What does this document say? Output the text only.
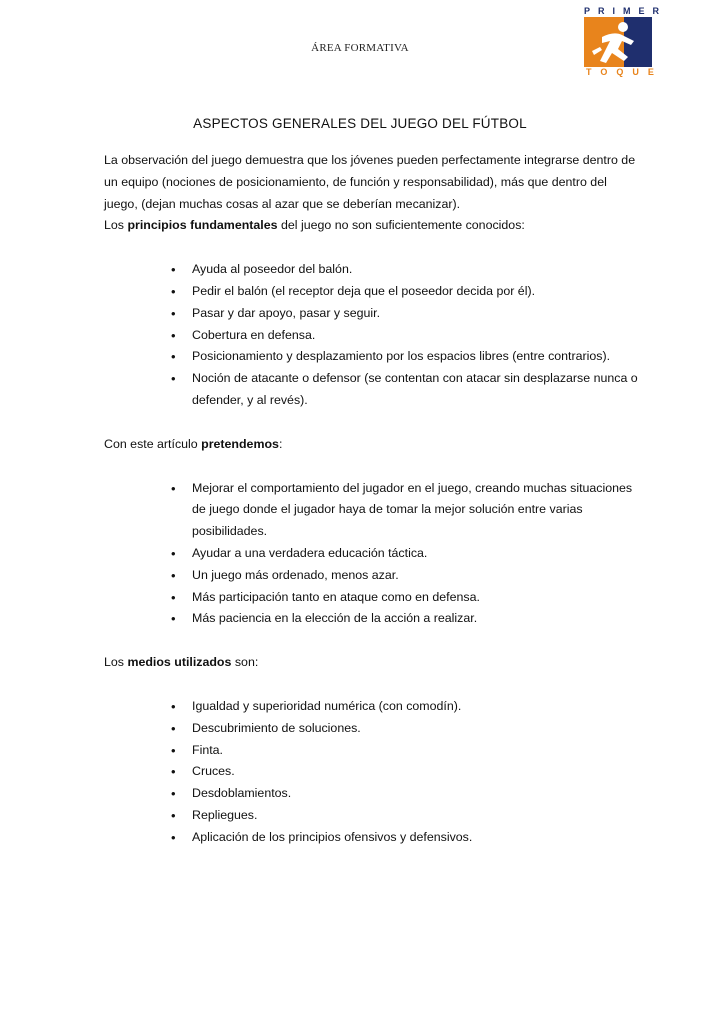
ÁREA FORMATIVA
PRIMER
TOQUE
ASPECTOS GENERALES DEL JUEGO DEL FÚTBOL

La observación del juego demuestra que los jóvenes pueden perfectamente integrarse dentro de un equipo (nociones de posicionamiento, de función y responsabilidad), más que dentro del juego, (dejan muchas cosas al azar que se deberían mecanizar).

Los principios fundamentales del juego no son suficientemente conocidos:

• Ayuda al poseedor del balón.
• Pedir el balón (el receptor deja que el poseedor decida por él).
• Pasar y dar apoyo, pasar y seguir.
• Cobertura en defensa.
• Posicionamiento y desplazamiento por los espacios libres (entre contrarios).
• Noción de atacante o defensor (se contentan con atacar sin desplazarse nunca o defender, y al revés).

Con este artículo pretendemos:

• Mejorar el comportamiento del jugador en el juego, creando muchas situaciones de juego donde el jugador haya de tomar la mejor solución entre varias posibilidades.
• Ayudar a una verdadera educación táctica.
• Un juego más ordenado, menos azar.
• Más participación tanto en ataque como en defensa.
• Más paciencia en la elección de la acción a realizar.

Los medios utilizados son:

• Igualdad y superioridad numérica (con comodín).
• Descubrimiento de soluciones.
• Finta.
• Cruces.
• Desdoblamientos.
• Repliegues.
• Aplicación de los principios ofensivos y defensivos.
